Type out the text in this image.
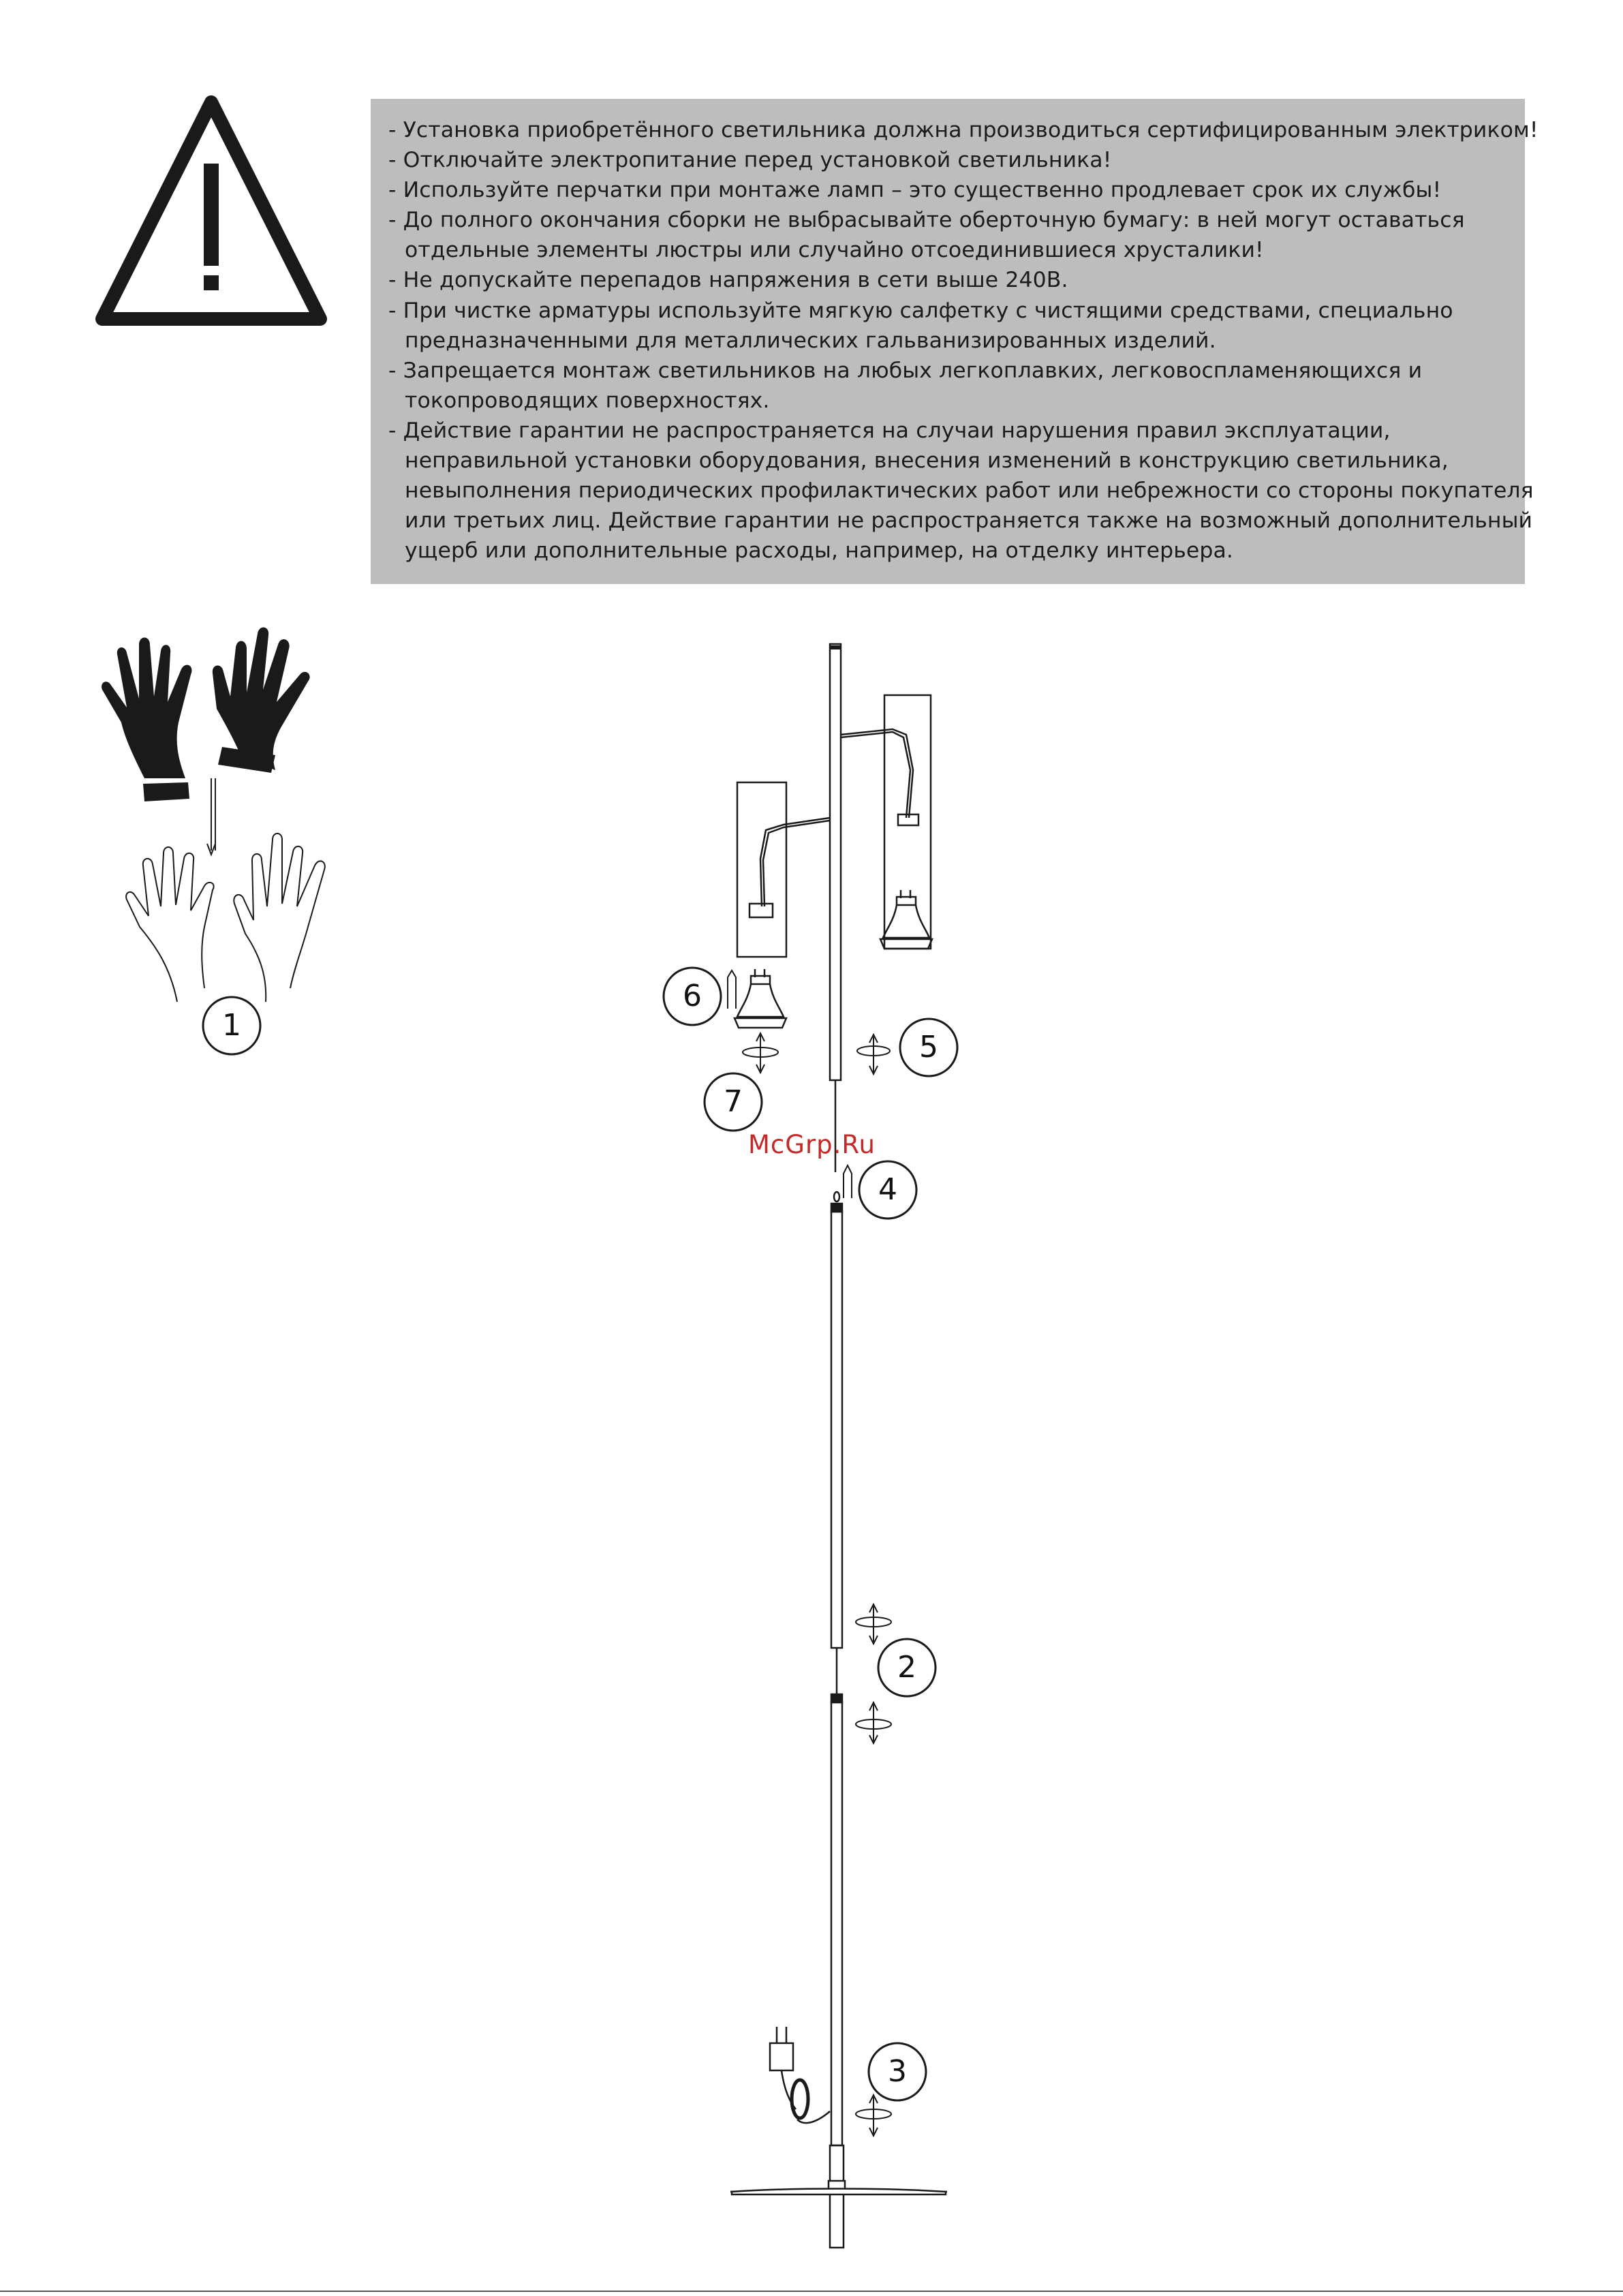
- Установка приобретённого светильника должна производиться сертифицированным электриком!
- Отключайте электропитание перед установкой светильника!
- Используйте перчатки при монтаже ламп – это существенно продлевает срок их службы!
- До полного окончания сборки не выбрасывайте оберточную бумагу: в ней могут оставаться
отдельные элементы люстры или случайно отсоединившиеся хрусталики!
- Не допускайте перепадов напряжения в сети выше 240В.
- При чистке арматуры используйте мягкую салфетку с чистящими средствами, специально
предназначенными для металлических гальванизированных изделий.
- Запрещается монтаж светильников на любых легкоплавких, легковоспламеняющихся и
токопроводящих поверхностях.
- Действие гарантии не распространяется на случаи нарушения правил эксплуатации,
неправильной установки оборудования, внесения изменений в конструкцию светильника,
невыполнения периодических профилактических работ или небрежности со стороны покупателя
или третьих лиц. Действие гарантии не распространяется также на возможный дополнительный
ущерб или дополнительные расходы, например, на отделку интерьера.
1
6
5
7
4
2
3
McGrp.Ru
